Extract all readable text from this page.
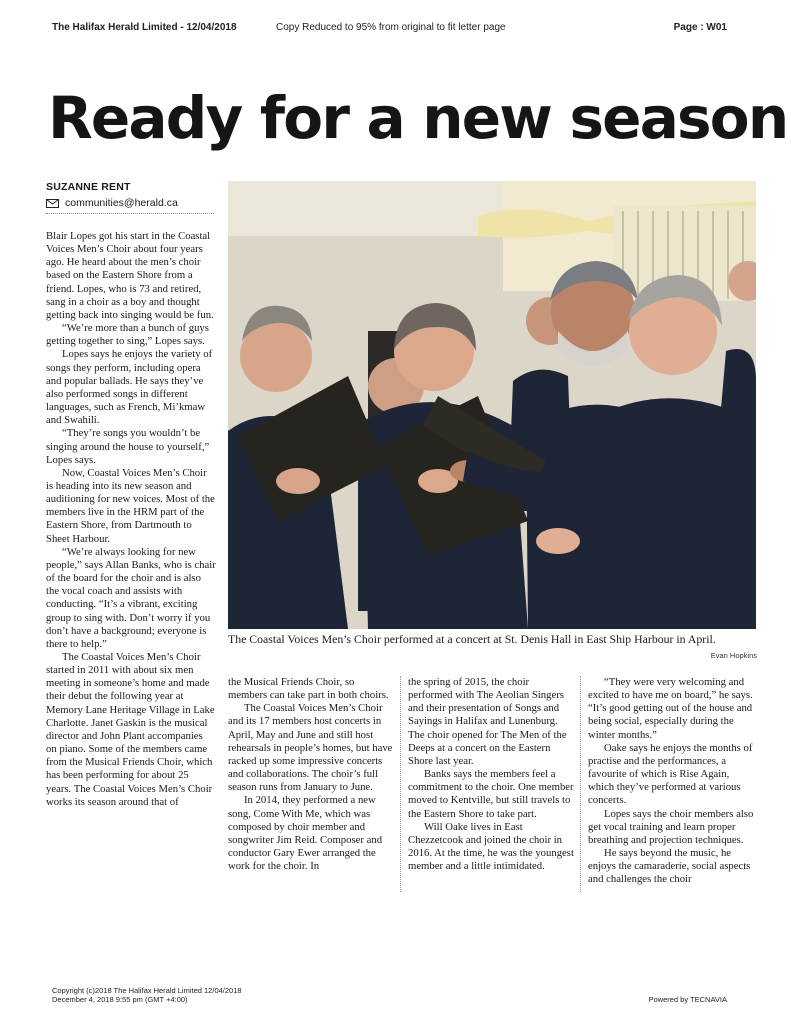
The Halifax Herald Limited - 12/04/2018	Copy Reduced to 95% from original to fit letter page	Page : W01
Ready for a new season
SUZANNE RENT
communities@herald.ca

Blair Lopes got his start in the Coastal Voices Men’s Choir about four years ago. He heard about the men’s choir based on the Eastern Shore from a friend. Lopes, who is 73 and retired, sang in a choir as a boy and thought getting back into singing would be fun.

“We’re more than a bunch of guys getting together to sing,” Lopes says.

Lopes says he enjoys the variety of songs they perform, including opera and popular ballads. He says they’ve also performed songs in different languages, such as French, Mi’kmaw and Swahili.

“They’re songs you wouldn’t be singing around the house to yourself,” Lopes says.

Now, Coastal Voices Men’s Choir is heading into its new season and auditioning for new voices. Most of the members live in the HRM part of the Eastern Shore, from Dartmouth to Sheet Harbour.

“We’re always looking for new people,” says Allan Banks, who is chair of the board for the choir and is also the vocal coach and assists with conducting. “It’s a vibrant, exciting group to sing with. Don’t worry if you don’t have a background; everyone is there to help.”

The Coastal Voices Men’s Choir started in 2011 with about six men meeting in someone’s home and made their debut the following year at Memory Lane Heritage Village in Lake Charlotte. Janet Gaskin is the musical director and John Plant accompanies on piano. Some of the members came from the Musical Friends Choir, which has been performing for about 25 years. The Coastal Voices Men’s Choir works its season around that of

The Coastal Voices Men’s Choir performed at a concert at St. Denis Hall in East Ship Harbour in April.
Evan Hopkins

the Musical Friends Choir, so members can take part in both choirs.

The Coastal Voices Men’s Choir and its 17 members host concerts in April, May and June and still host rehearsals in people’s homes, but have racked up some impressive concerts and collaborations. The choir’s full season runs from January to June.

In 2014, they performed a new song, Come With Me, which was composed by choir member and songwriter Jim Reid. Composer and conductor Gary Ewer arranged the work for the choir. In

the spring of 2015, the choir performed with The Aeolian Singers and their presentation of Songs and Sayings in Halifax and Lunenburg. The choir opened for The Men of the Deeps at a concert on the Eastern Shore last year.

Banks says the members feel a commitment to the choir. One member moved to Kentville, but still travels to the Eastern Shore to take part.

Will Oake lives in East Chezzetcook and joined the choir in 2016. At the time, he was the youngest member and a little intimidated.

“They were very welcoming and excited to have me on board,” he says. “It’s good getting out of the house and being social, especially during the winter months.”

Oake says he enjoys the months of practise and the performances, a favourite of which is Rise Again, which they’ve performed at various concerts.

Lopes says the choir members also get vocal training and learn proper breathing and projection techniques.

He says beyond the music, he enjoys the camaraderie, social aspects and challenges the choir

Copyright (c)2018 The Halifax Herald Limited 12/04/2018
December 4, 2018 9:55 pm (GMT +4:00)	Powered by TECNAVIA
